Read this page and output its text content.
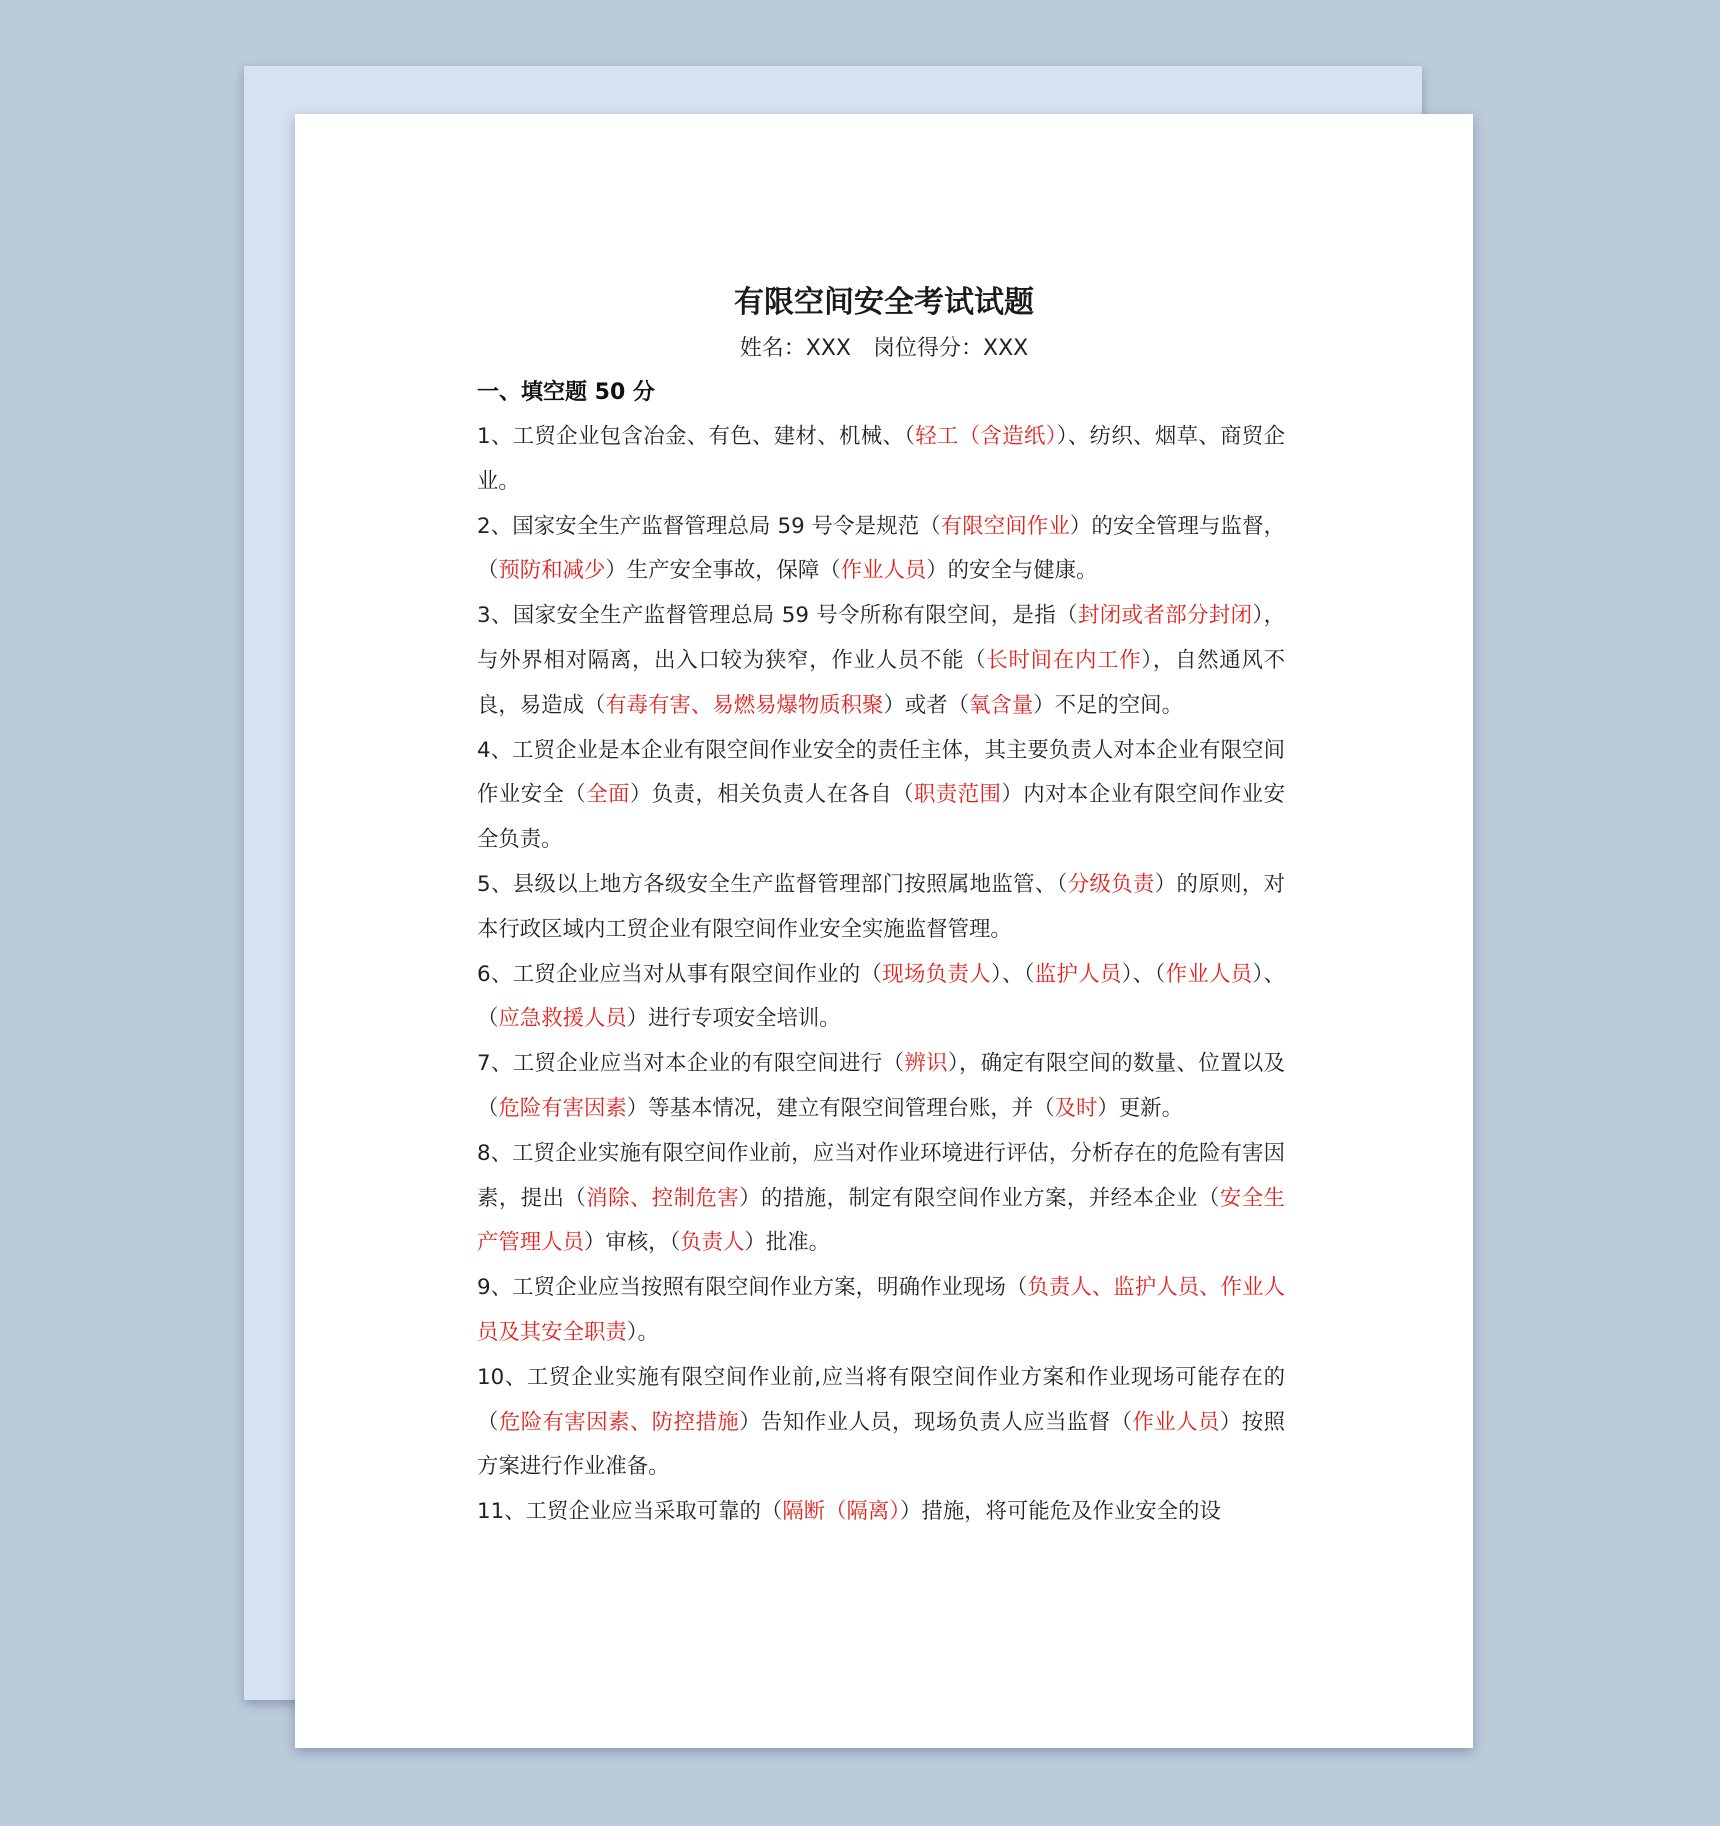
有限空间安全考试试题
姓名：XXX　岗位得分：XXX
一、填空题 50 分

1、工贸企业包含冶金、有色、建材、机械、（轻工（含造纸））、纺织、烟草、商贸企业。

2、国家安全生产监督管理总局 59 号令是规范（有限空间作业）的安全管理与监督，（预防和减少）生产安全事故，保障（作业人员）的安全与健康。

3、国家安全生产监督管理总局 59 号令所称有限空间，是指（封闭或者部分封闭），与外界相对隔离，出入口较为狭窄，作业人员不能（长时间在内工作），自然通风不良，易造成（有毒有害、易燃易爆物质积聚）或者（氧含量）不足的空间。

4、工贸企业是本企业有限空间作业安全的责任主体，其主要负责人对本企业有限空间作业安全（全面）负责，相关负责人在各自（职责范围）内对本企业有限空间作业安全负责。

5、县级以上地方各级安全生产监督管理部门按照属地监管、（分级负责）的原则，对本行政区域内工贸企业有限空间作业安全实施监督管理。

6、工贸企业应当对从事有限空间作业的（现场负责人）、（监护人员）、（作业人员）、（应急救援人员）进行专项安全培训。

7、工贸企业应当对本企业的有限空间进行（辨识），确定有限空间的数量、位置以及（危险有害因素）等基本情况，建立有限空间管理台账，并（及时）更新。

8、工贸企业实施有限空间作业前，应当对作业环境进行评估，分析存在的危险有害因素，提出（消除、控制危害）的措施，制定有限空间作业方案，并经本企业（安全生产管理人员）审核，（负责人）批准。

9、工贸企业应当按照有限空间作业方案，明确作业现场（负责人、监护人员、作业人员及其安全职责）。

10、工贸企业实施有限空间作业前,应当将有限空间作业方案和作业现场可能存在的（危险有害因素、防控措施）告知作业人员，现场负责人应当监督（作业人员）按照方案进行作业准备。

11、工贸企业应当采取可靠的（隔断（隔离））措施，将可能危及作业安全的设
